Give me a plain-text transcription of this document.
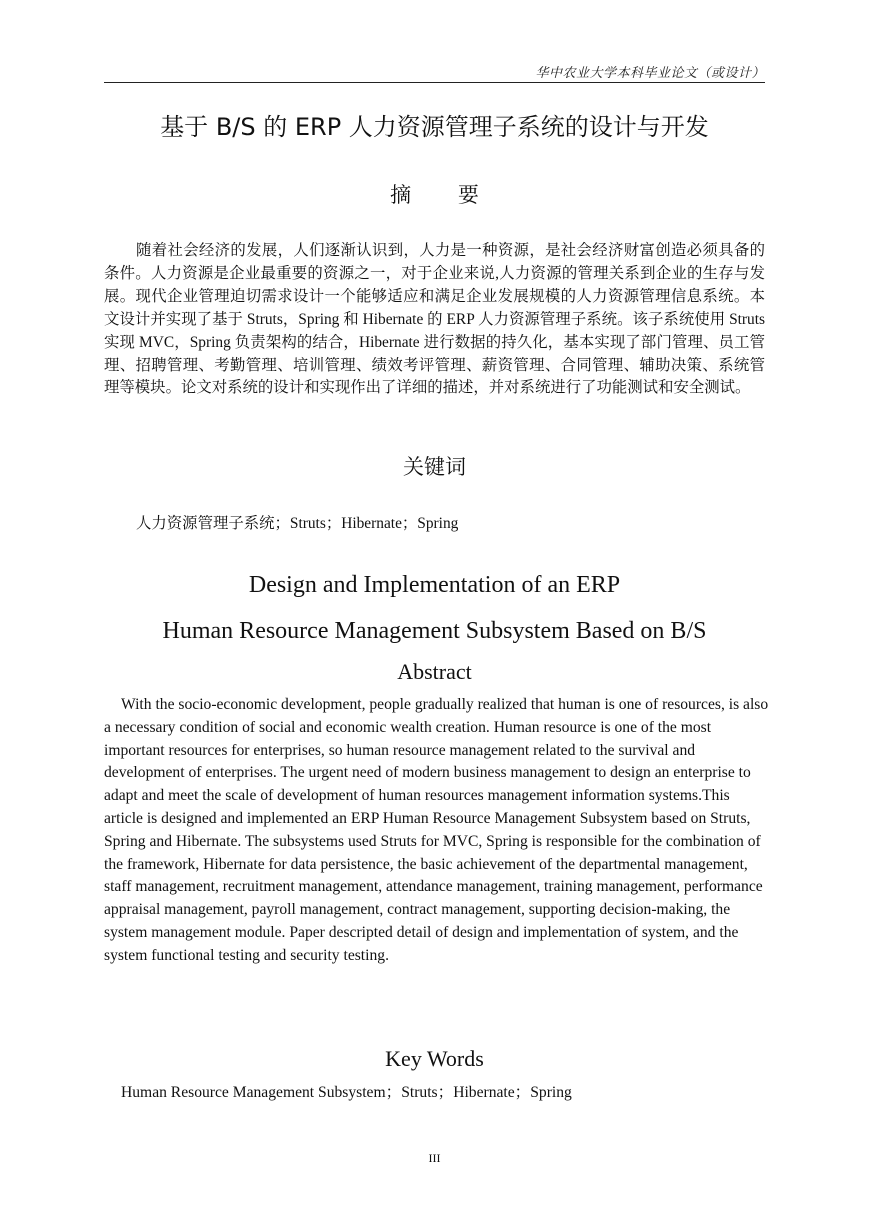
华中农业大学本科毕业论文（或设计）
基于 B/S 的 ERP 人力资源管理子系统的设计与开发
摘 要
随着社会经济的发展，人们逐渐认识到，人力是一种资源，是社会经济财富创造必须具备的条件。人力资源是企业最重要的资源之一，对于企业来说,人力资源的管理关系到企业的生存与发展。现代企业管理迫切需求设计一个能够适应和满足企业发展规模的人力资源管理信息系统。本文设计并实现了基于 Struts，Spring 和 Hibernate 的 ERP 人力资源管理子系统。该子系统使用 Struts 实现 MVC，Spring 负责架构的结合，Hibernate 进行数据的持久化，基本实现了部门管理、员工管理、招聘管理、考勤管理、培训管理、绩效考评管理、薪资管理、合同管理、辅助决策、系统管理等模块。论文对系统的设计和实现作出了详细的描述，并对系统进行了功能测试和安全测试。
关键词
人力资源管理子系统；Struts；Hibernate；Spring
Design and Implementation of an ERP
Human Resource Management Subsystem Based on B/S
Abstract
With the socio-economic development, people gradually realized that human is one of resources, is also a necessary condition of social and economic wealth creation. Human resource is one of the most important resources for enterprises, so human resource management related to the survival and development of enterprises. The urgent need of modern business management to design an enterprise to adapt and meet the scale of development of human resources management information systems.This article is designed and implemented an ERP Human Resource Management Subsystem based on Struts, Spring and Hibernate. The subsystems used Struts for MVC, Spring is responsible for the combination of the framework, Hibernate for data persistence, the basic achievement of the departmental management, staff management, recruitment management, attendance management, training management, performance appraisal management, payroll management, contract management, supporting decision-making, the system management module. Paper descripted detail of design and implementation of system, and the system functional testing and security testing.
Key Words
Human Resource Management Subsystem；Struts；Hibernate；Spring
III
